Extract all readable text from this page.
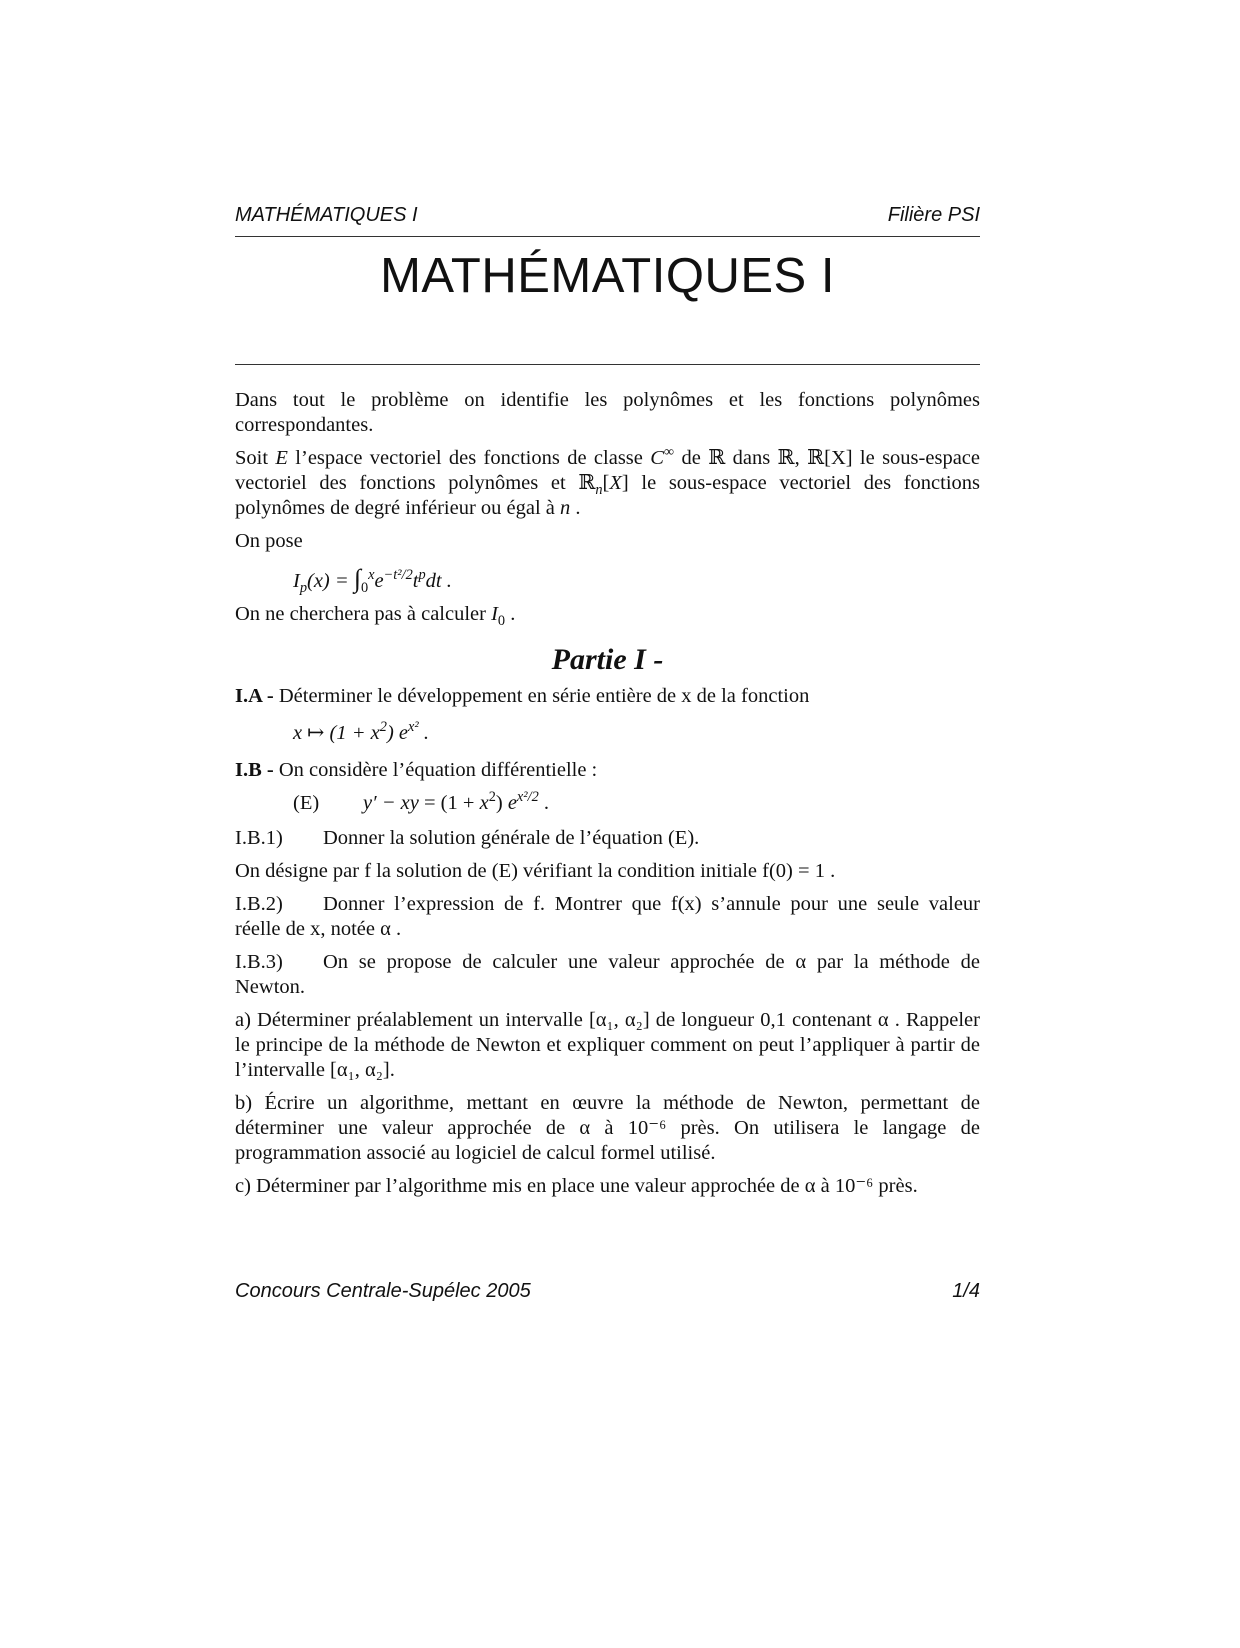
MATHÉMATIQUES I	Filière PSI
MATHÉMATIQUES I

Dans tout le problème on identifie les polynômes et les fonctions polynômes correspondantes.

Soit E l’espace vectoriel des fonctions de classe C∞ de ℝ dans ℝ, ℝ[X] le sous-espace vectoriel des fonctions polynômes et ℝ$_n$[X] le sous-espace vectoriel des fonctions polynômes de degré inférieur ou égal à n .

On pose

$I_p(x) = \int_0^xe^{-t^2/2}t^pdt$ .

On ne cherchera pas à calculer $I_0$ .

Partie I -

I.A - Déterminer le développement en série entière de x de la fonction

x ↦ $(1 + x^2)$ $e^{x^2}$ .

I.B - On considère l’équation différentielle :

(E) y′ − xy = $(1 + x^2)$ $e^{x^2/2}$ .

I.B.1) Donner la solution générale de l’équation (E).

On désigne par f la solution de (E) vérifiant la condition initiale f(0) = 1 .

I.B.2) Donner l’expression de f. Montrer que f(x) s’annule pour une seule valeur réelle de x, notée α .

I.B.3) On se propose de calculer une valeur approchée de α par la méthode de Newton.

a) Déterminer préalablement un intervalle [α₁, α₂] de longueur 0,1 contenant α . Rappeler le principe de la méthode de Newton et expliquer comment on peut l’appliquer à partir de l’intervalle [α₁, α₂].

b) Écrire un algorithme, mettant en œuvre la méthode de Newton, permettant de déterminer une valeur approchée de α à 10⁻⁶ près. On utilisera le langage de programmation associé au logiciel de calcul formel utilisé.

c) Déterminer par l’algorithme mis en place une valeur approchée de α à 10⁻⁶ près.

Concours Centrale-Supélec 2005	1/4
